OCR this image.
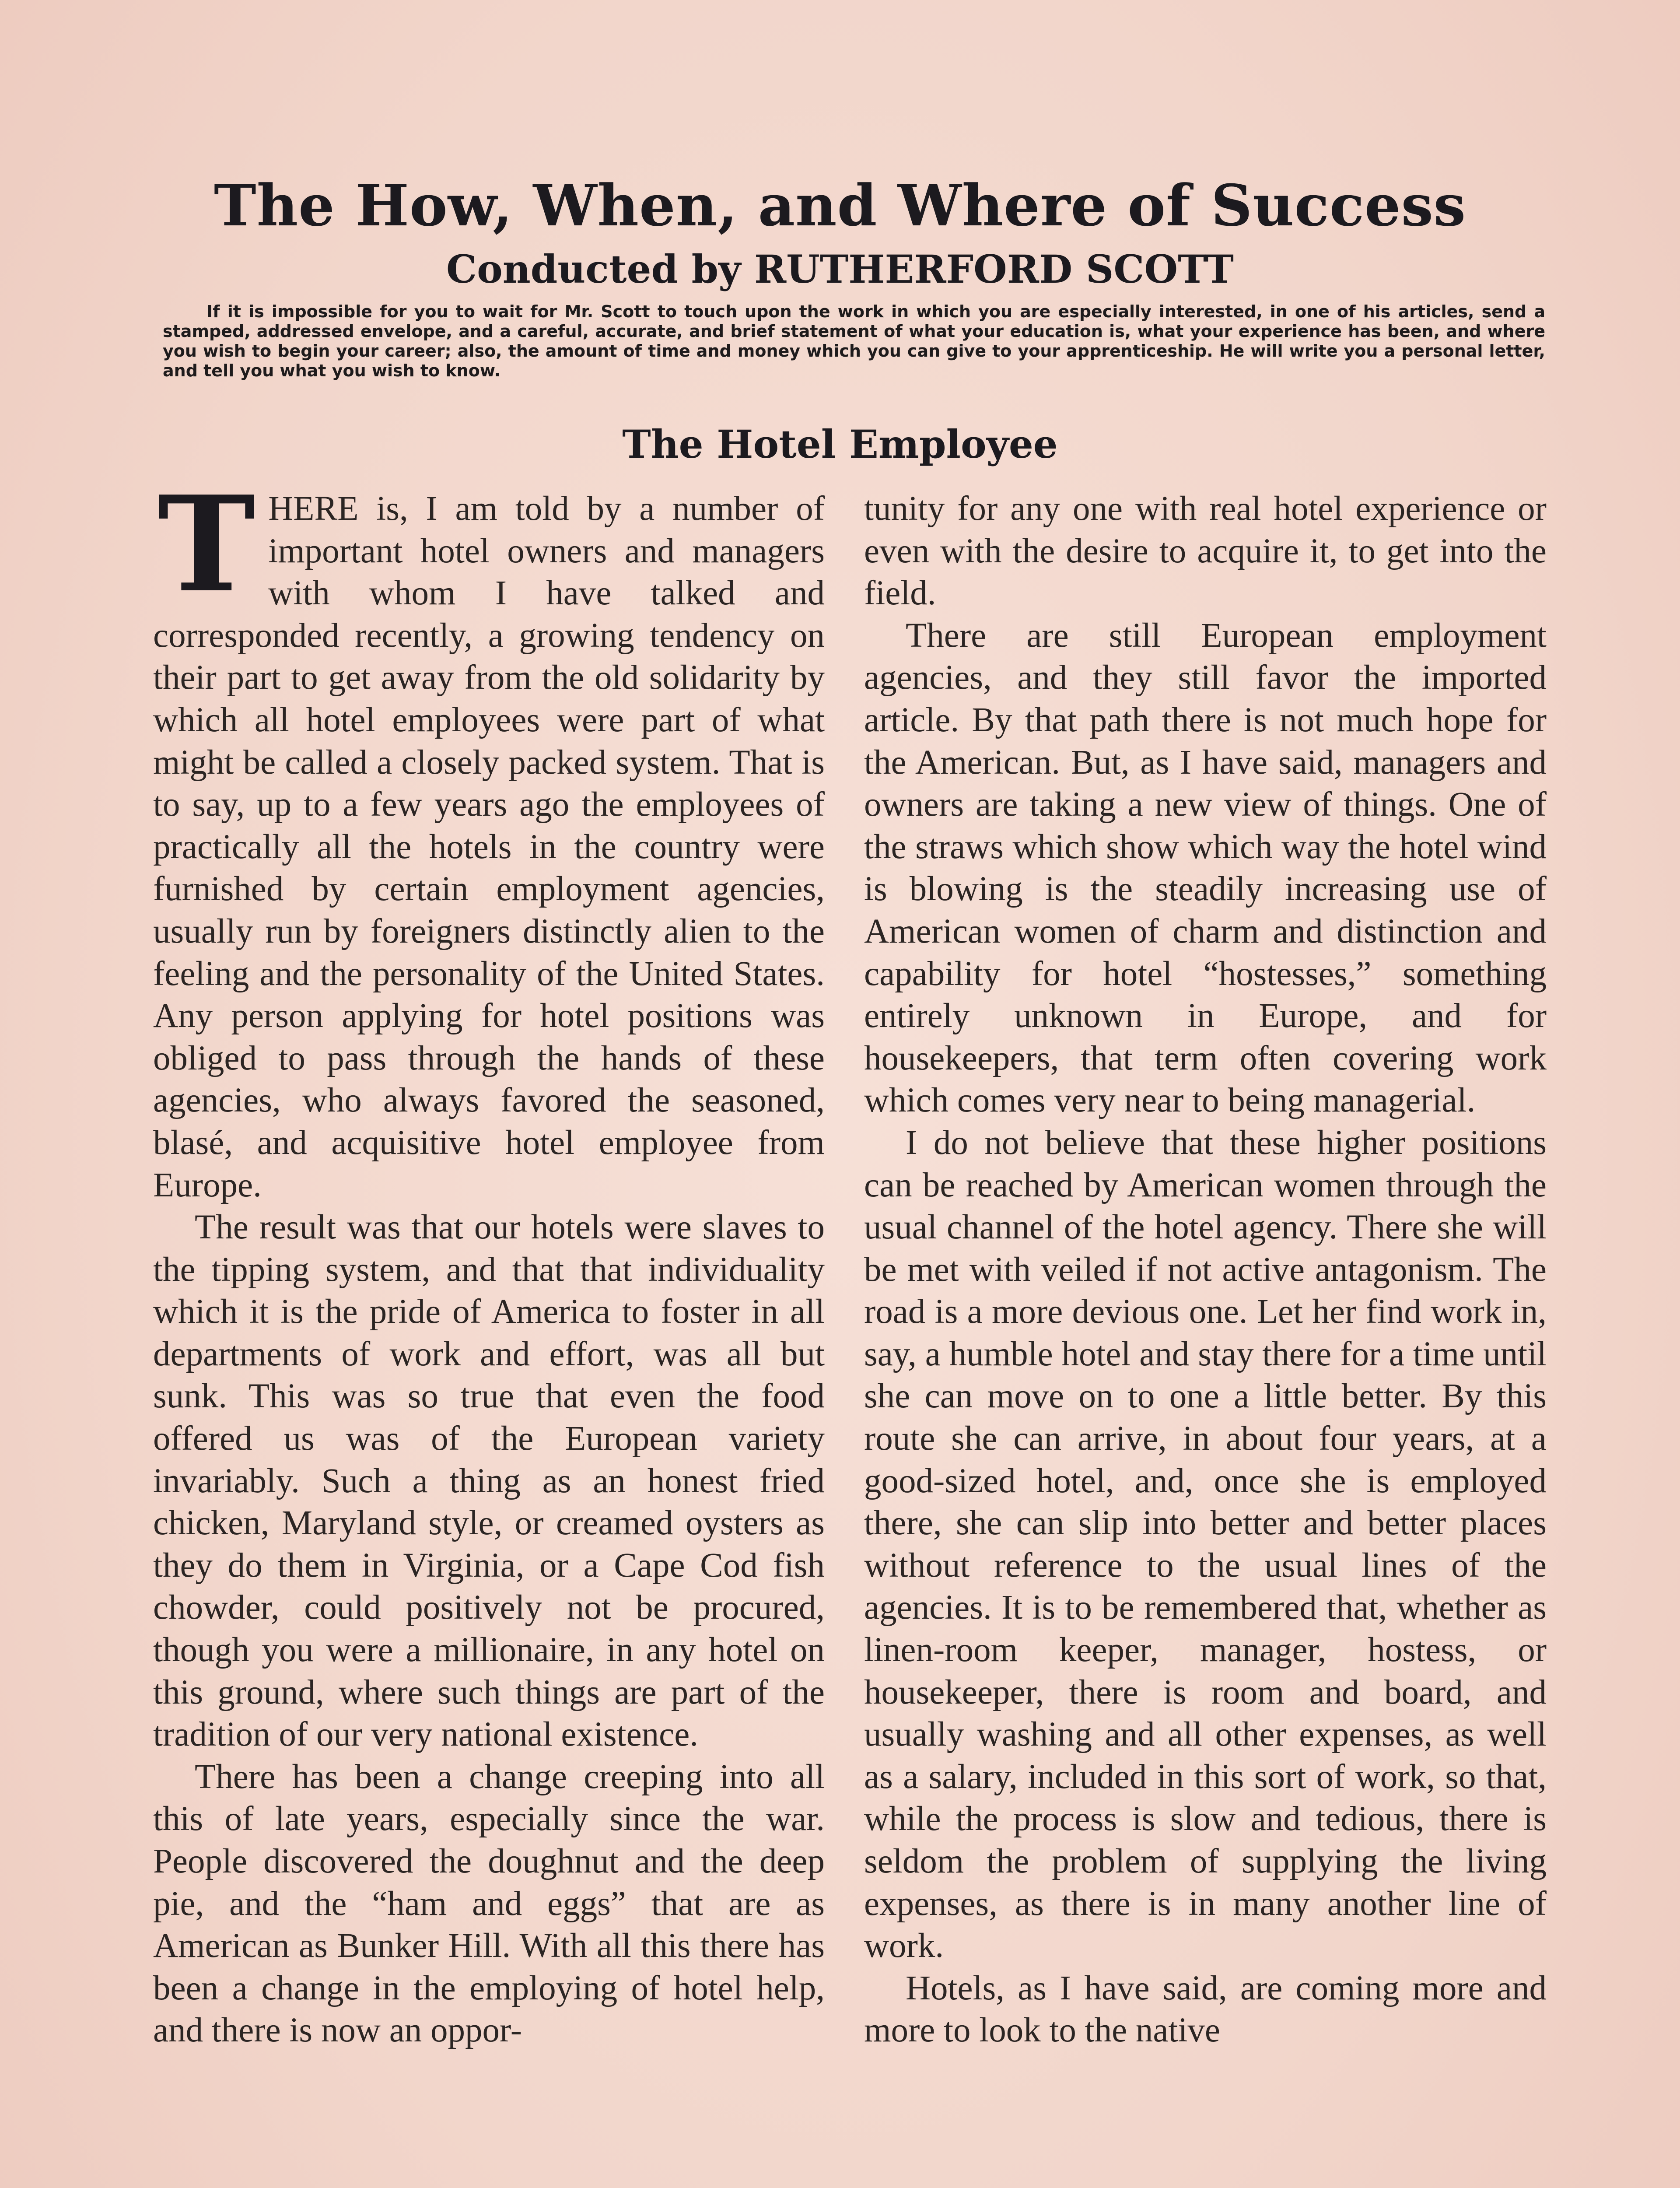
The How, When, and Where of Success
Conducted by RUTHERFORD SCOTT
If it is impossible for you to wait for Mr. Scott to touch upon the work in which you are especially interested, in one of his articles, send a stamped, addressed envelope, and a careful, accurate, and brief statement of what your education is, what your experience has been, and where you wish to begin your career; also, the amount of time and money which you can give to your apprenticeship. He will write you a personal letter, and tell you what you wish to know.
The Hotel Employee

THERE is, I am told by a number of important hotel owners and managers with whom I have talked and corresponded recently, a growing tendency on their part to get away from the old solidarity by which all hotel employees were part of what might be called a closely packed system. That is to say, up to a few years ago the employees of practically all the hotels in the country were furnished by certain employment agencies, usually run by foreigners distinctly alien to the feeling and the personality of the United States. Any person applying for hotel positions was obliged to pass through the hands of these agencies, who always favored the seasoned, blasé, and acquisitive hotel employee from Europe.

The result was that our hotels were slaves to the tipping system, and that that individuality which it is the pride of America to foster in all departments of work and effort, was all but sunk. This was so true that even the food offered us was of the European variety invariably. Such a thing as an honest fried chicken, Maryland style, or creamed oysters as they do them in Virginia, or a Cape Cod fish chowder, could positively not be procured, though you were a millionaire, in any hotel on this ground, where such things are part of the tradition of our very national existence.

There has been a change creeping into all this of late years, especially since the war. People discovered the doughnut and the deep pie, and the “ham and eggs” that are as American as Bunker Hill. With all this there has been a change in the employing of hotel help, and there is now an oppor-

tunity for any one with real hotel experience or even with the desire to acquire it, to get into the field.

There are still European employment agencies, and they still favor the imported article. By that path there is not much hope for the American. But, as I have said, managers and owners are taking a new view of things. One of the straws which show which way the hotel wind is blowing is the steadily increasing use of American women of charm and distinction and capability for hotel “hostesses,” something entirely unknown in Europe, and for housekeepers, that term often covering work which comes very near to being managerial.

I do not believe that these higher positions can be reached by American women through the usual channel of the hotel agency. There she will be met with veiled if not active antagonism. The road is a more devious one. Let her find work in, say, a humble hotel and stay there for a time until she can move on to one a little better. By this route she can arrive, in about four years, at a good-sized hotel, and, once she is employed there, she can slip into better and better places without reference to the usual lines of the agencies. It is to be remembered that, whether as linen-room keeper, manager, hostess, or housekeeper, there is room and board, and usually washing and all other expenses, as well as a salary, included in this sort of work, so that, while the process is slow and tedious, there is seldom the problem of supplying the living expenses, as there is in many another line of work.

Hotels, as I have said, are coming more and more to look to the native
